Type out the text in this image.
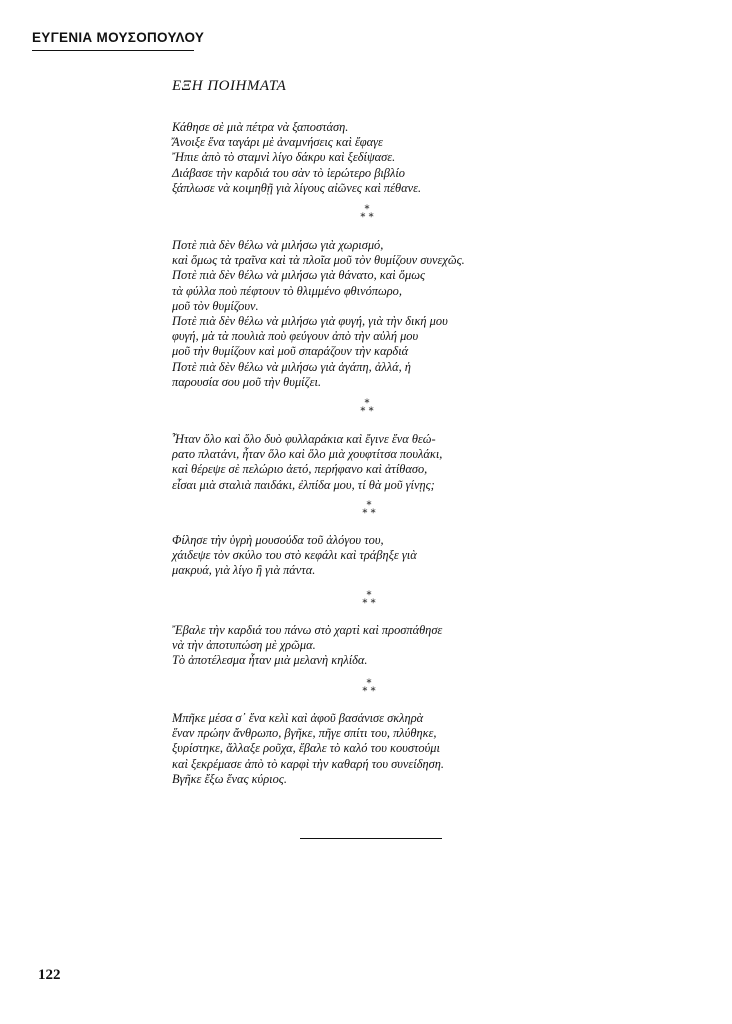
ΕΥΓΕΝΙΑ ΜΟΥΣΟΠΟΥΛΟΥ
ΕΞΗ ΠΟΙΗΜΑΤΑ
Κάθησε σὲ μιὰ πέτρα νὰ ξαποστάση.
Ἄνοιξε ἕνα ταγάρι μὲ ἀναμνήσεις καὶ ἔφαγε
Ἤπιε ἀπὸ τὸ σταμνὶ λίγο δάκρυ καὶ ξεδίψασε.
Διάβασε τὴν καρδιά του σὰν τὸ ἱερώτερο βιβλίο
ξάπλωσε νὰ κοιμηθῇ γιὰ λίγους αἰῶνες καὶ πέθανε.
*
* *
Ποτὲ πιὰ δὲν θέλω νὰ μιλήσω γιὰ χωρισμό,
καὶ ὅμως τὰ τραῖνα καὶ τὰ πλοῖα μοῦ τὸν θυμίζουν συνεχῶς.
Ποτὲ πιὰ δὲν θέλω νὰ μιλήσω γιὰ θάνατο, καὶ ὅμως
τὰ φύλλα ποὺ πέφτουν τὸ θλιμμένο φθινόπωρο,
μοῦ τὸν θυμίζουν.
Ποτὲ πιὰ δὲν θέλω νὰ μιλήσω γιὰ φυγή, γιὰ τὴν δική μου
φυγή, μὰ τὰ πουλιὰ ποὺ φεύγουν ἀπὸ τὴν αὐλή μου
μοῦ τὴν θυμίζουν καὶ μοῦ σπαράζουν τὴν καρδιά
Ποτὲ πιὰ δὲν θέλω νὰ μιλήσω γιὰ ἀγάπη, ἀλλά, ἡ
παρουσία σου μοῦ τὴν θυμίζει.
*
* *
Ἦταν ὅλο καὶ ὅλο δυὸ φυλλαράκια καὶ ἔγινε ἕνα θεώ-
ρατο πλατάνι, ἦταν ὅλο καὶ ὅλο μιὰ χουφτίτσα πουλάκι,
καὶ θέρεψε σὲ πελώριο ἀετό, περήφανο καὶ ἀτίθασο,
εἶσαι μιὰ σταλιὰ παιδάκι, ἐλπίδα μου, τί θὰ μοῦ γίνῃς;
*
* *
Φίλησε τὴν ὑγρὴ μουσούδα τοῦ ἀλόγου του,
χάιδεψε τὸν σκύλο του στὸ κεφάλι καὶ τράβηξε γιὰ
μακρυά, γιὰ λίγο ἢ γιὰ πάντα.
*
* *
Ἔβαλε τὴν καρδιά του πάνω στὸ χαρτὶ καὶ προσπάθησε
νὰ τὴν ἀποτυπώση μὲ χρῶμα.
Τὸ ἀποτέλεσμα ἦταν μιὰ μελανὴ κηλίδα.
*
* *
Μπῆκε μέσα σ᾽ ἕνα κελὶ καὶ ἀφοῦ βασάνισε σκληρὰ
ἕναν πρώην ἄνθρωπο, βγῆκε, πῆγε σπίτι του, πλύθηκε,
ξυρίστηκε, ἄλλαξε ροῦχα, ἔβαλε τὸ καλό του κουστούμι
καὶ ξεκρέμασε ἀπὸ τὸ καρφὶ τὴν καθαρή του συνείδηση.
Βγῆκε ἔξω ἕνας κύριος.
122
